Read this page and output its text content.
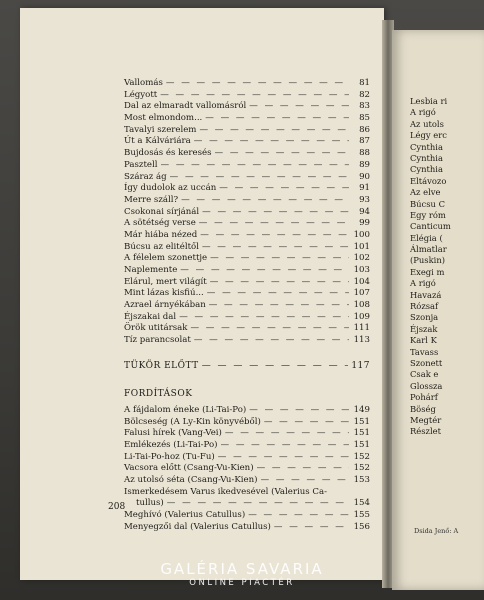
Vallomás — — —	81
Légyott — — —	82
Dal az elmaradt vallomásról — — —	83
Most elmondom... — — —	85
Tavalyi szerelem — — —	86
Út a Kálváriára — — —	87
Bujdosás és keresés — — —	88
Pasztell — — —	89
Száraz ág — — —	90
Így dudolok az uccán — — —	91
Merre száll? — — —	93
Csokonai sírjánál — — —	94
A sötétség verse — — —	99
Már hiába nézed — — —	100
Búcsu az elitéltől — — —	101
A félelem szonettje — — —	102
Naplemente — — —	103
Elárul, mert világít — — —	104
Mint lázas kisfiú... — — —	107
Azrael árnyékában — — —	108
Éjszakai dal — — —	109
Örök utitársak — — —	111
Tíz parancsolat — — —	113
TÜKÖR ELŐTT — — —	117
FORDÍTÁSOK
A fájdalom éneke (Li-Tai-Po) — — —	149
Bölcseség (A Ly-Kin könyvéből) — — —	151
Falusi hírek (Vang-Vei) — — —	151
Emlékezés (Li-Tai-Po) — — —	151
Li-Tai-Po-hoz (Tu-Fu) — — —	152
Vacsora előtt (Csang-Vu-Kien) — — —	152
Az utolsó séta (Csang-Vu-Kien) — — —	153
Ismerkedésem Varus ikedvesével (Valerius Ca-
tullus) — — —	154
Meghívó (Valerius Catullus) — — —	155
Menyegzői dal (Valerius Catullus) — — —	156
208
Lesbia ri
A rigó
Az utols
Légy erc
Cynthia
Cynthia
Cynthia
Eltávozo
Az elve
Búcsu C
Egy róm
Canticum
Elégia (
Álmatlar
(Puskin)
Exegi m
A rigó
Havazá
Rózsaf
Szonja
Éjszak
Karl K
Tavass
Szonett
Csak e
Glossza
Pohárf
Böség
Megtér
Részlet
Dsida Jenő: A
GALÉRIA SAVARIA
ONLINE PIACTÉR
